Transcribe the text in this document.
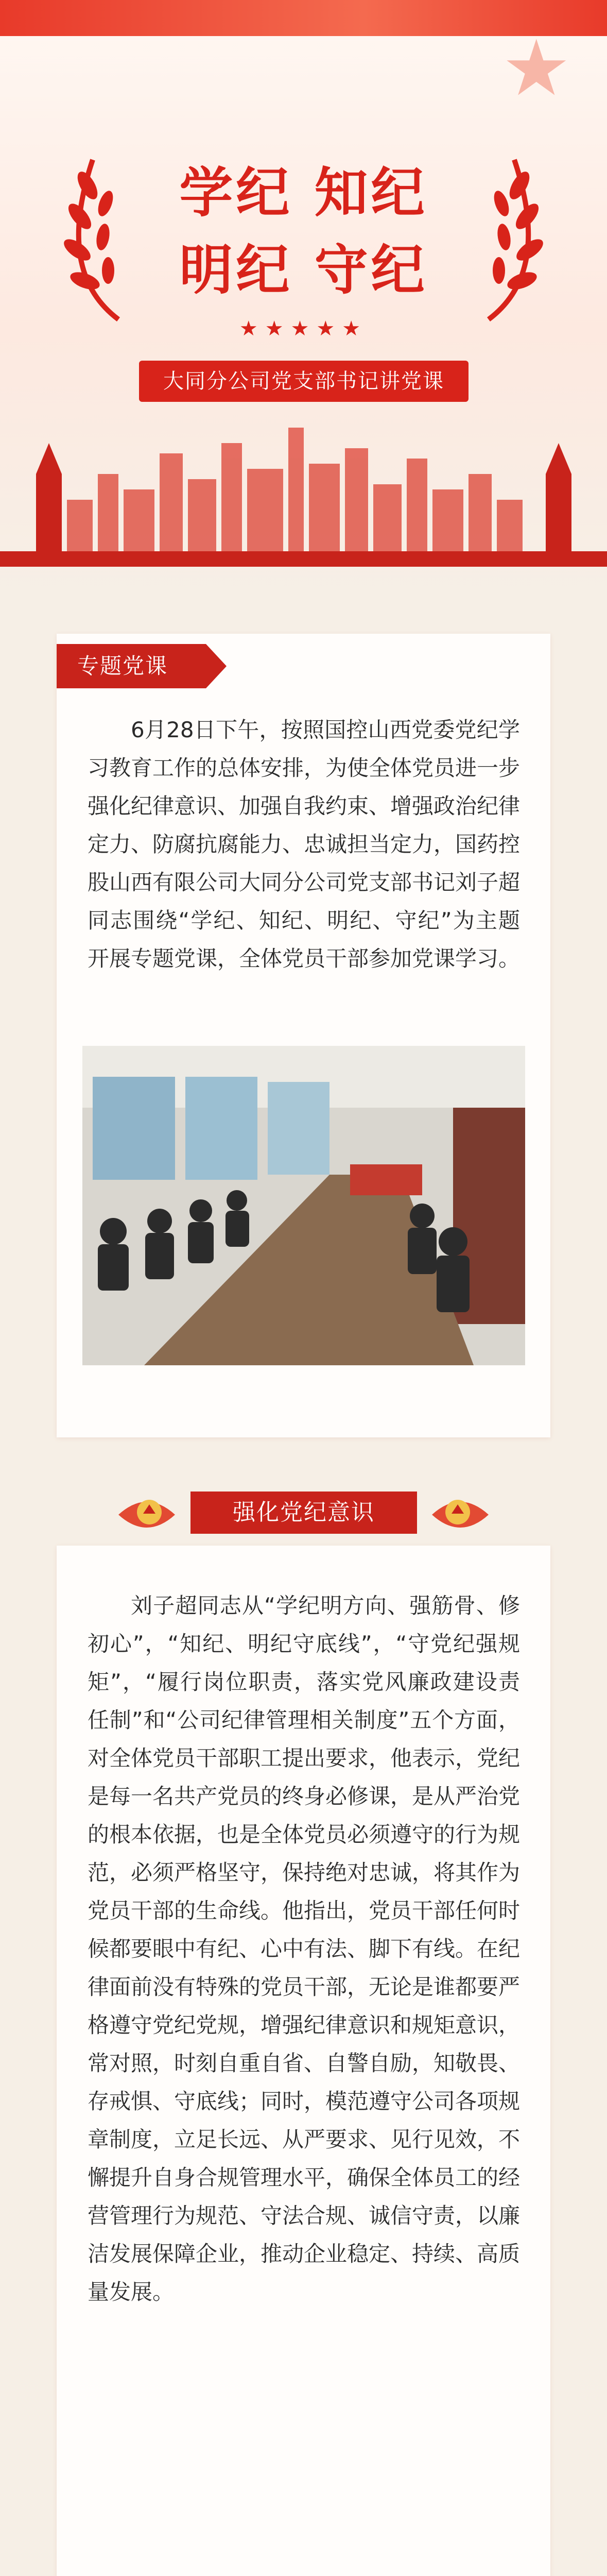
★
学纪 知纪
明纪 守纪
★★★★★
大同分公司党支部书记讲党课
专题党课

6月28日下午，按照国控山西党委党纪学习教育工作的总体安排，为使全体党员进一步强化纪律意识、加强自我约束、增强政治纪律定力、防腐抗腐能力、忠诚担当定力，国药控股山西有限公司大同分公司党支部书记刘子超同志围绕“学纪、知纪、明纪、守纪”为主题开展专题党课，全体党员干部参加党课学习。

强化党纪意识

刘子超同志从“学纪明方向、强筋骨、修初心”，“知纪、明纪守底线”，“守党纪强规矩”，“履行岗位职责，落实党风廉政建设责任制”和“公司纪律管理相关制度”五个方面，对全体党员干部职工提出要求，他表示，党纪是每一名共产党员的终身必修课，是从严治党的根本依据，也是全体党员必须遵守的行为规范，必须严格坚守，保持绝对忠诚，将其作为党员干部的生命线。他指出，党员干部任何时候都要眼中有纪、心中有法、脚下有线。在纪律面前没有特殊的党员干部，无论是谁都要严格遵守党纪党规，增强纪律意识和规矩意识，常对照，时刻自重自省、自警自励，知敬畏、存戒惧、守底线；同时，模范遵守公司各项规章制度，立足长远、从严要求、见行见效，不懈提升自身合规管理水平，确保全体员工的经营管理行为规范、守法合规、诚信守责，以廉洁发展保障企业，推动企业稳定、持续、高质量发展。
